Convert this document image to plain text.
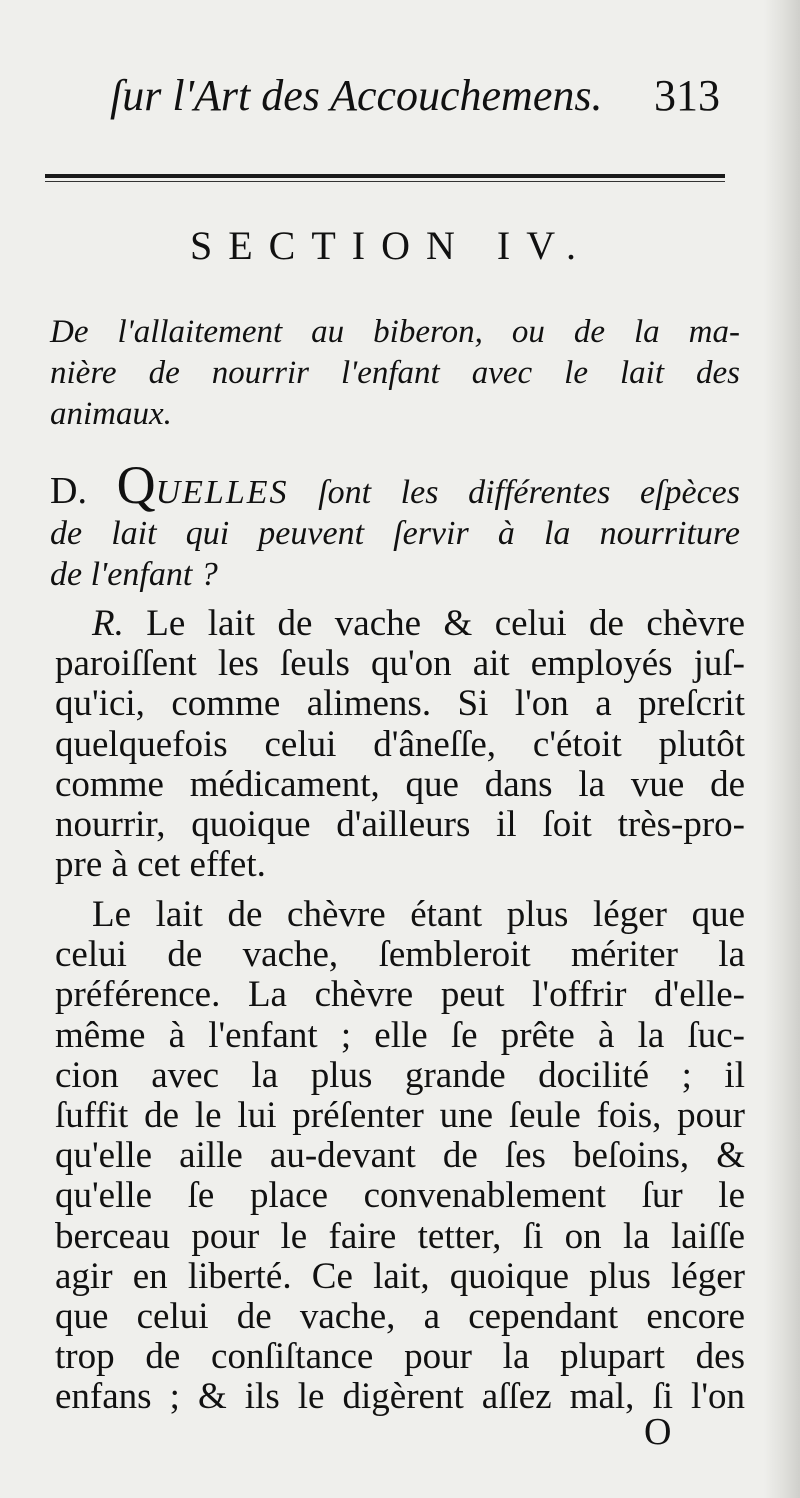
ſur l'Art des Accouchemens. 313
SECTION IV.
De l'allaitement au biberon, ou de la ma-
nière de nourrir l'enfant avec le lait des
animaux.
D. QUELLES ſont les différentes eſpèces
de lait qui peuvent ſervir à la nourriture
de l'enfant ?
 R. Le lait de vache & celui de chèvre
paroiſſent les ſeuls qu'on ait employés juſ-
qu'ici, comme alimens. Si l'on a preſcrit
quelquefois celui d'âneſſe, c'étoit plutôt
comme médicament, que dans la vue de
nourrir, quoique d'ailleurs il ſoit très-pro-
pre à cet effet.
 Le lait de chèvre étant plus léger que
celui de vache, ſembleroit mériter la
préférence. La chèvre peut l'offrir d'elle-
même à l'enfant ; elle ſe prête à la ſuc-
cion avec la plus grande docilité ; il
ſuffit de le lui préſenter une ſeule fois, pour
qu'elle aille au-devant de ſes beſoins, &
qu'elle ſe place convenablement ſur le
berceau pour le faire tetter, ſi on la laiſſe
agir en liberté. Ce lait, quoique plus léger
que celui de vache, a cependant encore
trop de conſiſtance pour la plupart des
enfans ; & ils le digèrent aſſez mal, ſi l'on
O
